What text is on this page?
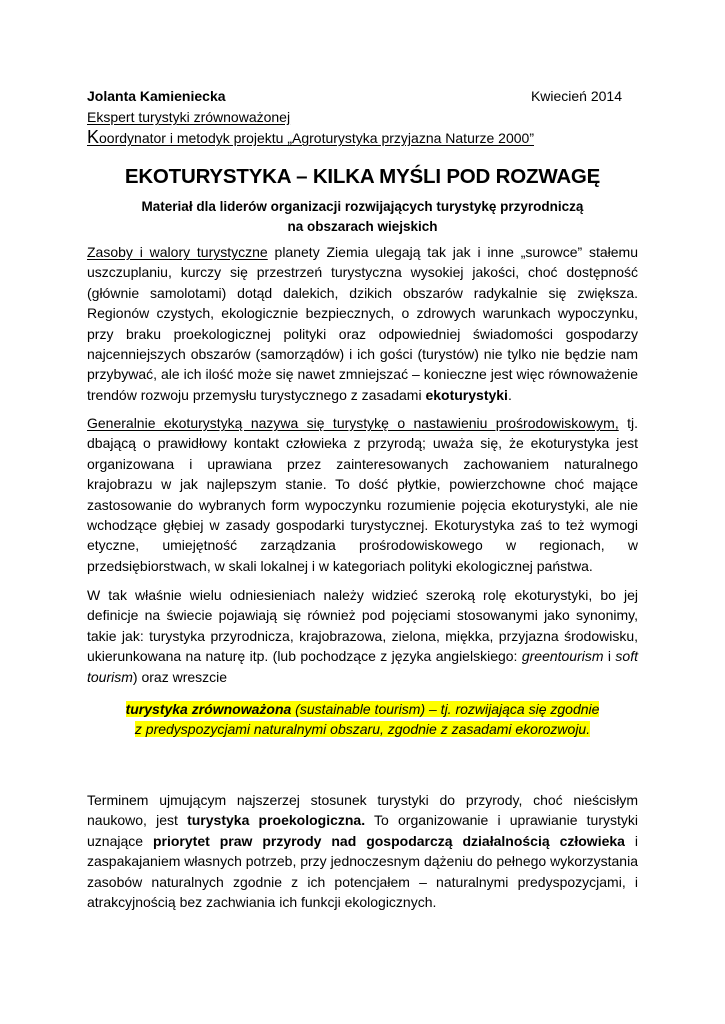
Jolanta Kamieniecka	Kwiecień 2014
Ekspert turystyki zrównoważonej
Koordynator i metodyk projektu „Agroturystyka przyjazna Naturze 2000”
EKOTURYSTYKA – KILKA MYŚLI POD ROZWAGĘ
Materiał dla liderów organizacji rozwijających turystykę przyrodniczą
na obszarach wiejskich
Zasoby i walory turystyczne planety Ziemia ulegają tak jak i inne „surowce” stałemu uszczuplaniu, kurczy się przestrzeń turystyczna wysokiej jakości, choć dostępność (głównie samolotami) dotąd dalekich, dzikich obszarów radykalnie się zwiększa. Regionów czystych, ekologicznie bezpiecznych, o zdrowych warunkach wypoczynku, przy braku proekologicznej polityki oraz odpowiedniej świadomości gospodarzy najcenniejszych obszarów (samorządów) i ich gości (turystów) nie tylko nie będzie nam przybywać, ale ich ilość może się nawet zmniejszać – konieczne jest więc równoważenie trendów rozwoju przemysłu turystycznego z zasadami ekoturystyki.
Generalnie ekoturystyką nazywa się turystykę o nastawieniu prośrodowiskowym, tj. dbającą o prawidłowy kontakt człowieka z przyrodą; uważa się, że ekoturystyka jest organizowana i uprawiana przez zainteresowanych zachowaniem naturalnego krajobrazu w jak najlepszym stanie. To dość płytkie, powierzchowne choć mające zastosowanie do wybranych form wypoczynku rozumienie pojęcia ekoturystyki, ale nie wchodzące głębiej w zasady gospodarki turystycznej. Ekoturystyka zaś to też wymogi etyczne, umiejętność zarządzania prośrodowiskowego w regionach, w przedsiębiorstwach, w skali lokalnej i w kategoriach polityki ekologicznej państwa.
W tak właśnie wielu odniesieniach należy widzieć szeroką rolę ekoturystyki, bo jej definicje na świecie pojawiają się również pod pojęciami stosowanymi jako synonimy, takie jak: turystyka przyrodnicza, krajobrazowa, zielona, miękka, przyjazna środowisku, ukierunkowana na naturę itp. (lub pochodzące z języka angielskiego: greentourism i soft tourism) oraz wreszcie
turystyka zrównoważona (sustainable tourism) – tj. rozwijająca się zgodnie
z predyspozycjami naturalnymi obszaru, zgodnie z zasadami ekorozwoju.
Terminem ujmującym najszerzej stosunek turystyki do przyrody, choć nieścisłym naukowo, jest turystyka proekologiczna. To organizowanie i uprawianie turystyki uznające priorytet praw przyrody nad gospodarczą działalnością człowieka i zaspakajaniem własnych potrzeb, przy jednoczesnym dążeniu do pełnego wykorzystania zasobów naturalnych zgodnie z ich potencjałem – naturalnymi predyspozycjami, i atrakcyjnością bez zachwiania ich funkcji ekologicznych.
